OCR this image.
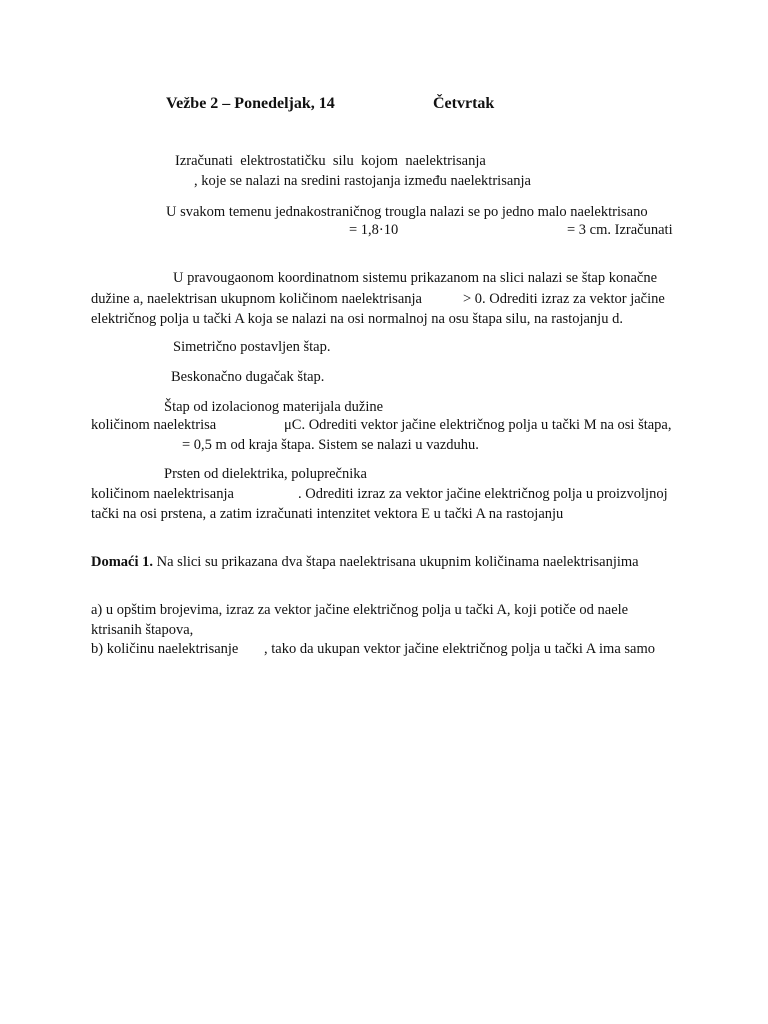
Vežbe 2 – Ponedeljak, 14	Četvrtak
Izračunati  elektrostatičku  silu  kojom  naelektrisanja
, koje se nalazi na sredini rastojanja između naelektrisanja
U svakom temenu jednakostraničnog trougla nalazi se po jedno malo naelektrisano
= 1,8·10	= 3 cm. Izračunati
U pravougaonom koordinatnom sistemu prikazanom na slici nalazi se štap konačne
dužine a, naelektrisan ukupnom količinom naelektrisanja	> 0. Odrediti izraz za vektor jačine
električnog polja u tački A koja se nalazi na osi normalnoj na osu štapa silu, na rastojanju d.
Simetrično postavljen štap.
Beskonačno dugačak štap.
Štap od izolacionog materijala dužine
količinom naelektrisa	μC. Odrediti vektor jačine električnog polja u tački M na osi štapa,
= 0,5 m od kraja štapa. Sistem se nalazi u vazduhu.
Prsten od dielektrika, poluprečnika
količinom naelektrisanja	. Odrediti izraz za vektor jačine električnog polja u proizvoljnoj
tački na osi prstena, a zatim izračunati intenzitet vektora E u tački A na rastojanju
Domaći 1. Na slici su prikazana dva štapa naelektrisana ukupnim količinama naelektrisanjima
a) u opštim brojevima, izraz za vektor jačine električnog polja u tački A, koji potiče od naele
ktrisanih štapova,
b) količinu naelektrisanje , tako da ukupan vektor jačine električnog polja u tački A ima samo
